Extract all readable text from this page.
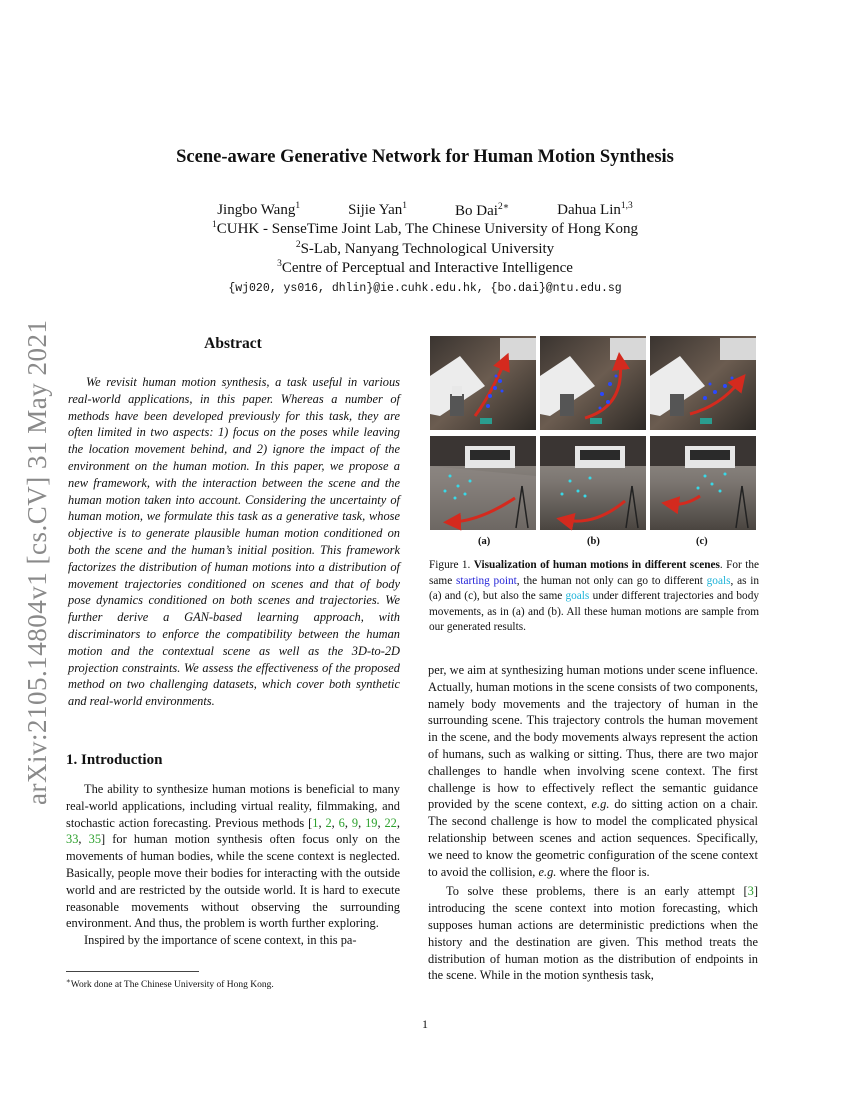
arXiv:2105.14804v1 [cs.CV] 31 May 2021
Scene-aware Generative Network for Human Motion Synthesis
Jingbo Wang$^1$	Sijie Yan$^1$	Bo Dai$^{2∗}$	Dahua Lin$^{1,3}$
$^1$CUHK - SenseTime Joint Lab, The Chinese University of Hong Kong
$^2$S-Lab, Nanyang Technological University
$^3$Centre of Perceptual and Interactive Intelligence
{wj020, ys016, dhlin}@ie.cuhk.edu.hk, {bo.dai}@ntu.edu.sg
Abstract
We revisit human motion synthesis, a task useful in various real-world applications, in this paper. Whereas a number of methods have been developed previously for this task, they are often limited in two aspects: 1) focus on the poses while leaving the location movement behind, and 2) ignore the impact of the environment on the human motion. In this paper, we propose a new framework, with the interaction between the scene and the human motion taken into account. Considering the uncertainty of human motion, we formulate this task as a generative task, whose objective is to generate plausible human motion conditioned on both the scene and the human’s initial position. This framework factorizes the distribution of human motions into a distribution of movement trajectories conditioned on scenes and that of body pose dynamics conditioned on both scenes and trajectories. We further derive a GAN-based learning approach, with discriminators to enforce the compatibility between the human motion and the contextual scene as well as the 3D-to-2D projection constraints. We assess the effectiveness of the proposed method on two challenging datasets, which cover both synthetic and real-world environments.
1. Introduction

The ability to synthesize human motions is beneficial to many real-world applications, including virtual reality, filmmaking, and stochastic action forecasting. Previous methods [1, 2, 6, 9, 19, 22, 33, 35] for human motion synthesis often focus only on the movements of human bodies, while the scene context is neglected. Basically, people move their bodies for interacting with the outside world and are restricted by the outside world. It is hard to execute reasonable movements without observing the surrounding environment. And thus, the problem is worth further exploring.

Inspired by the importance of scene context, in this pa-

∗Work done at The Chinese University of Hong Kong.
(a)	(b)	(c)
Figure 1. Visualization of human motions in different scenes. For the same starting point, the human not only can go to different goals, as in (a) and (c), but also the same goals under different trajectories and body movements, as in (a) and (b). All these human motions are sample from our generated results.

per, we aim at synthesizing human motions under scene influence. Actually, human motions in the scene consists of two components, namely body movements and the trajectory of human in the surrounding scene. This trajectory controls the human movement in the scene, and the body movements always represent the action of humans, such as walking or sitting. Thus, there are two major challenges to handle when involving scene context. The first challenge is how to effectively reflect the semantic guidance provided by the scene context, e.g. do sitting action on a chair. The second challenge is how to model the complicated physical relationship between scenes and action sequences. Specifically, we need to know the geometric configuration of the scene context to avoid the collision, e.g. where the floor is.

To solve these problems, there is an early attempt [3] introducing the scene context into motion forecasting, which supposes human actions are deterministic predictions when the history and the destination are given. This method treats the distribution of human motion as the distribution of endpoints in the scene. While in the motion synthesis task,

1
